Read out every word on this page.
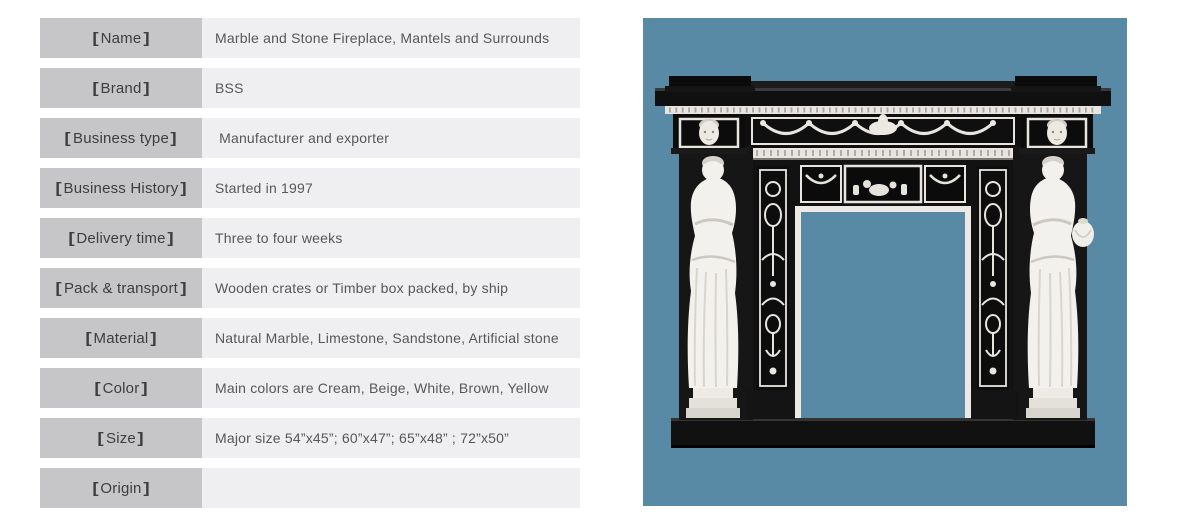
[ Name ]	Marble and Stone Fireplace, Mantels and Surrounds
[ Brand ]	BSS
[ Business type ]	Manufacturer and exporter
[ Business History ]	Started in 1997
[ Delivery time ]	Three to four weeks
[ Pack & transport ]	Wooden crates or Timber box packed, by ship
[ Material ]	Natural Marble, Limestone, Sandstone, Artificial stone
[ Color ]	Main colors are Cream, Beige, White, Brown, Yellow
[ Size ]	Major size 54”x45”; 60”x47”; 65”x48” ; 72”x50”
[ Origin ]
